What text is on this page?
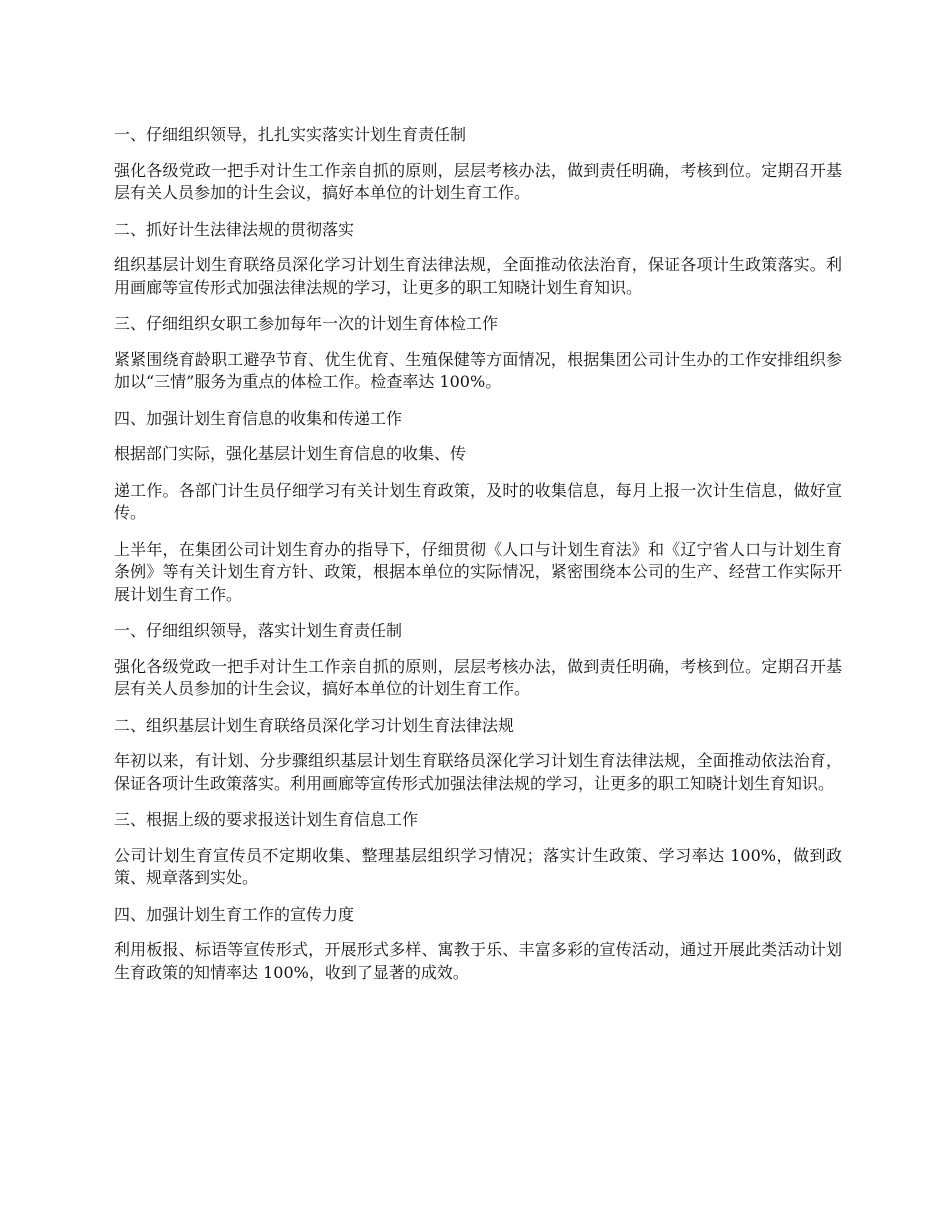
一、仔细组织领导，扎扎实实落实计划生育责任制

强化各级党政一把手对计生工作亲自抓的原则，层层考核办法，做到责任明确，考核到位。定期召开基层有关人员参加的计生会议，搞好本单位的计划生育工作。

二、抓好计生法律法规的贯彻落实

组织基层计划生育联络员深化学习计划生育法律法规，全面推动依法治育，保证各项计生政策落实。利用画廊等宣传形式加强法律法规的学习，让更多的职工知晓计划生育知识。

三、仔细组织女职工参加每年一次的计划生育体检工作

紧紧围绕育龄职工避孕节育、优生优育、生殖保健等方面情况，根据集团公司计生办的工作安排组织参加以“三情”服务为重点的体检工作。检查率达 100%。

四、加强计划生育信息的收集和传递工作

根据部门实际，强化基层计划生育信息的收集、传

递工作。各部门计生员仔细学习有关计划生育政策，及时的收集信息，每月上报一次计生信息，做好宣传。

上半年，在集团公司计划生育办的指导下，仔细贯彻《人口与计划生育法》和《辽宁省人口与计划生育条例》等有关计划生育方针、政策，根据本单位的实际情况，紧密围绕本公司的生产、经营工作实际开展计划生育工作。

一、仔细组织领导，落实计划生育责任制

强化各级党政一把手对计生工作亲自抓的原则，层层考核办法，做到责任明确，考核到位。定期召开基层有关人员参加的计生会议，搞好本单位的计划生育工作。

二、组织基层计划生育联络员深化学习计划生育法律法规

年初以来，有计划、分步骤组织基层计划生育联络员深化学习计划生育法律法规，全面推动依法治育，保证各项计生政策落实。利用画廊等宣传形式加强法律法规的学习，让更多的职工知晓计划生育知识。

三、根据上级的要求报送计划生育信息工作

公司计划生育宣传员不定期收集、整理基层组织学习情况；落实计生政策、学习率达 100%，做到政策、规章落到实处。

四、加强计划生育工作的宣传力度

利用板报、标语等宣传形式，开展形式多样、寓教于乐、丰富多彩的宣传活动，通过开展此类活动计划生育政策的知情率达 100%，收到了显著的成效。
